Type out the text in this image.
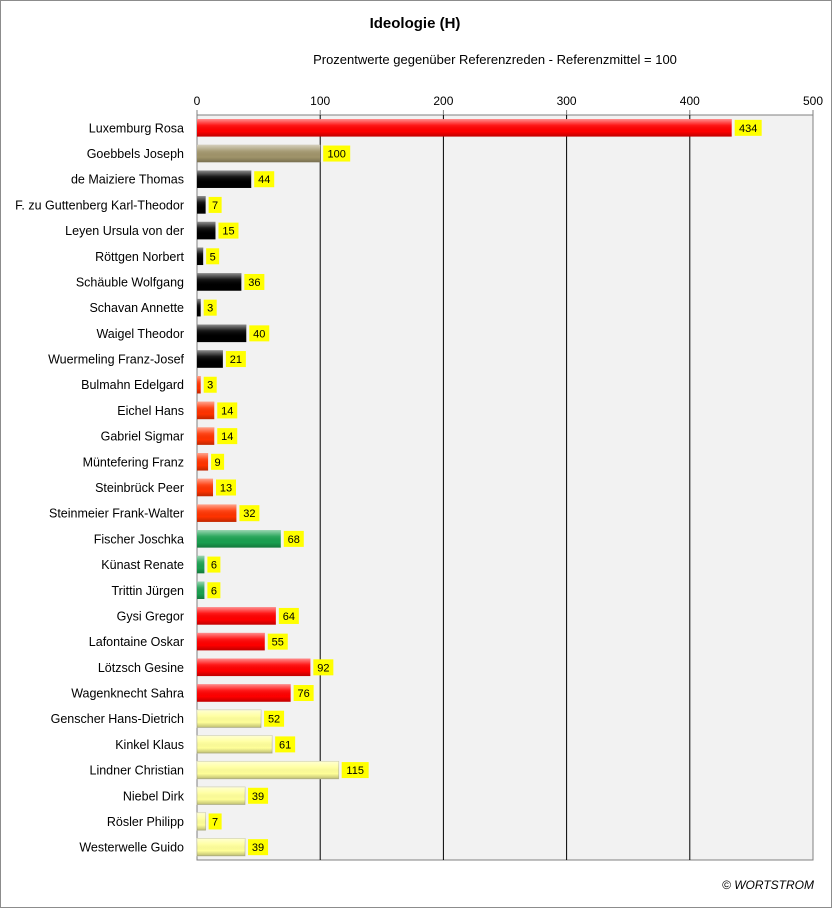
Ideologie (H)
Prozentwerte gegenüber Referenzreden - Referenzmittel = 100
0	100	200	300	400	500
Luxemburg Rosa
Goebbels Joseph
de Maiziere Thomas
F. zu Guttenberg Karl-Theodor
Leyen Ursula von der
Röttgen Norbert
Schäuble Wolfgang
Schavan Annette
Waigel Theodor
Wuermeling Franz-Josef
Bulmahn Edelgard
Eichel Hans
Gabriel Sigmar
Müntefering Franz
Steinbrück Peer
Steinmeier Frank-Walter
Fischer Joschka
Künast Renate
Trittin Jürgen
Gysi Gregor
Lafontaine Oskar
Lötzsch Gesine
Wagenknecht Sahra
Genscher Hans-Dietrich
Kinkel Klaus
Lindner Christian
Niebel Dirk
Rösler Philipp
Westerwelle Guido
434
100
44
7
15
5
36
3
40
21
3
14
14
9
13
32
68
6
6
64
55
92
76
52
61
115
39
7
39
© WORTSTROM
